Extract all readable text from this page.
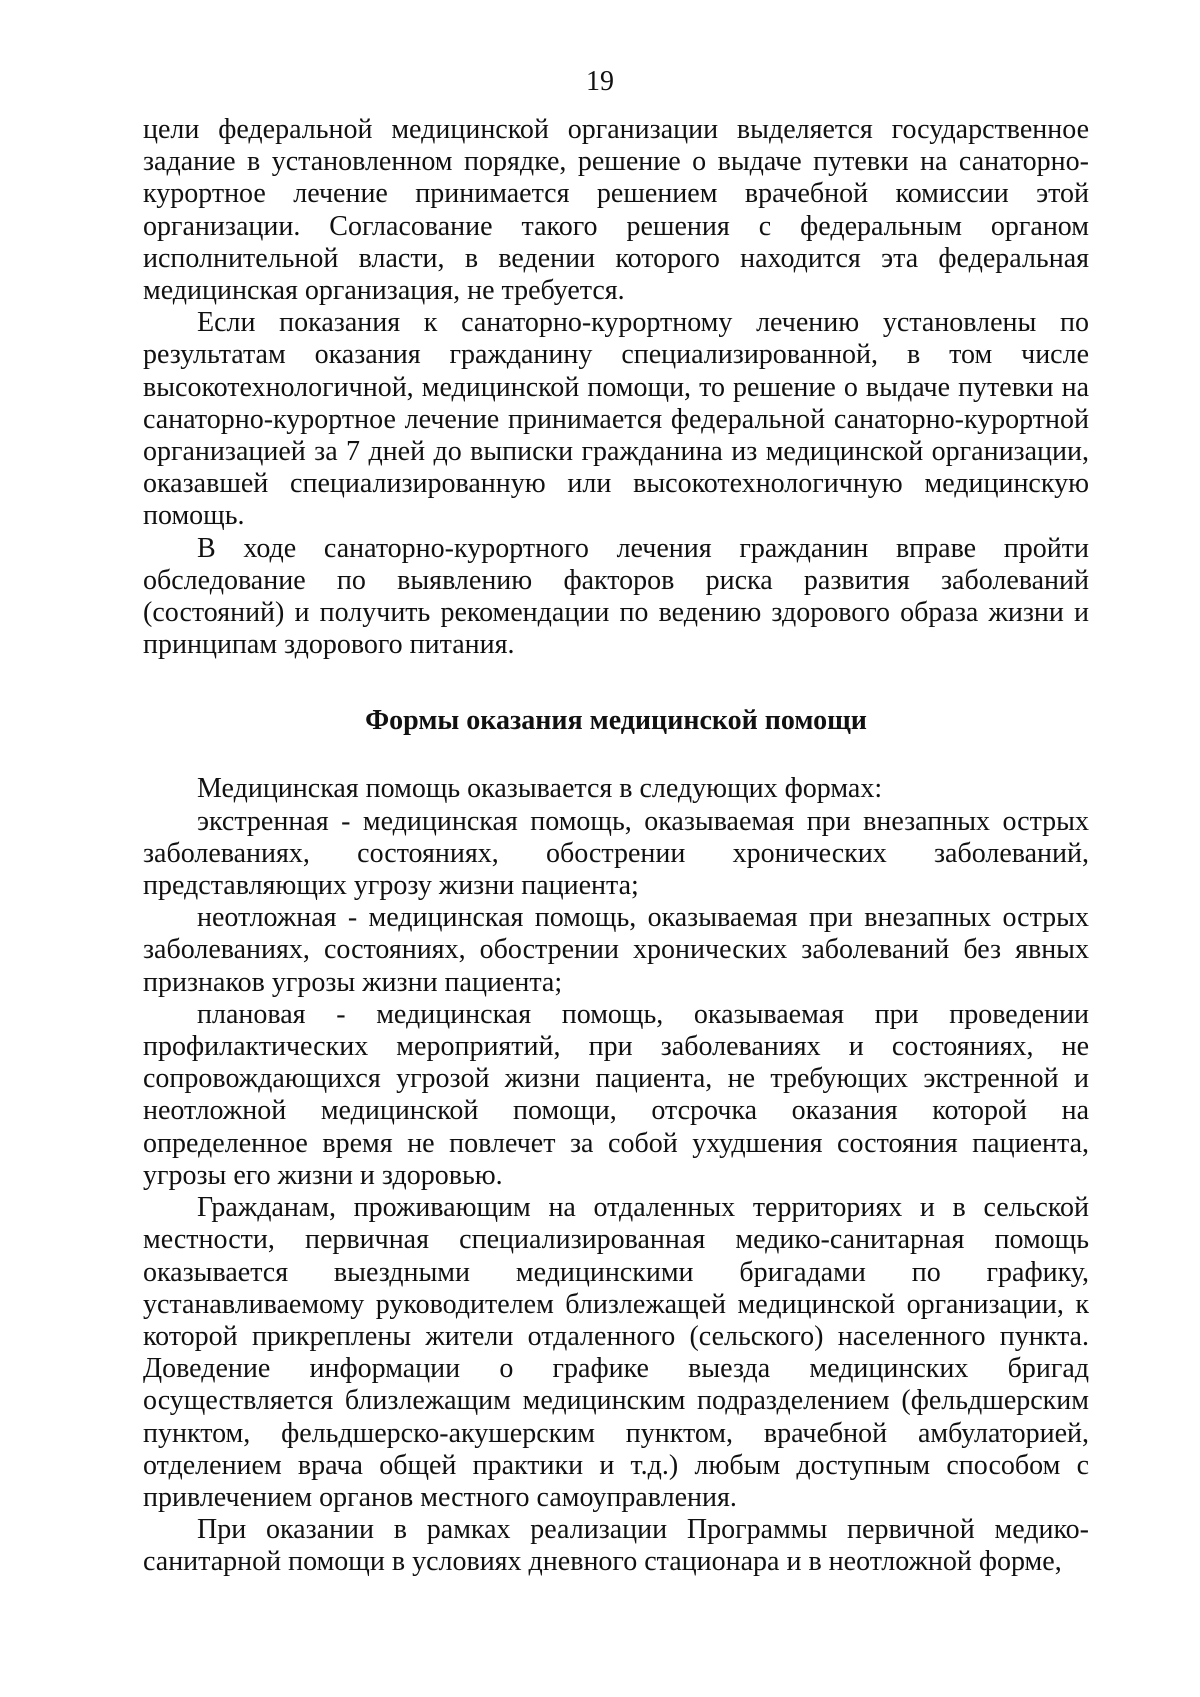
19

цели федеральной медицинской организации выделяется государственное задание в установленном порядке, решение о выдаче путевки на санаторно-курортное лечение принимается решением врачебной комиссии этой организации. Согласование такого решения с федеральным органом исполнительной власти, в ведении которого находится эта федеральная медицинская организация, не требуется.

Если показания к санаторно-курортному лечению установлены по результатам оказания гражданину специализированной, в том числе высокотехнологичной, медицинской помощи, то решение о выдаче путевки на санаторно-курортное лечение принимается федеральной санаторно-курортной организацией за 7 дней до выписки гражданина из медицинской организации, оказавшей специализированную или высокотехнологичную медицинскую помощь.

В ходе санаторно-курортного лечения гражданин вправе пройти обследование по выявлению факторов риска развития заболеваний (состояний) и получить рекомендации по ведению здорового образа жизни и принципам здорового питания.

Формы оказания медицинской помощи

Медицинская помощь оказывается в следующих формах:

экстренная - медицинская помощь, оказываемая при внезапных острых заболеваниях, состояниях, обострении хронических заболеваний, представляющих угрозу жизни пациента;

неотложная - медицинская помощь, оказываемая при внезапных острых заболеваниях, состояниях, обострении хронических заболеваний без явных признаков угрозы жизни пациента;

плановая - медицинская помощь, оказываемая при проведении профилактических мероприятий, при заболеваниях и состояниях, не сопровождающихся угрозой жизни пациента, не требующих экстренной и неотложной медицинской помощи, отсрочка оказания которой на определенное время не повлечет за собой ухудшения состояния пациента, угрозы его жизни и здоровью.

Гражданам, проживающим на отдаленных территориях и в сельской местности, первичная специализированная медико-санитарная помощь оказывается выездными медицинскими бригадами по графику, устанавливаемому руководителем близлежащей медицинской организации, к которой прикреплены жители отдаленного (сельского) населенного пункта. Доведение информации о графике выезда медицинских бригад осуществляется близлежащим медицинским подразделением (фельдшерским пунктом, фельдшерско-акушерским пунктом, врачебной амбулаторией, отделением врача общей практики и т.д.) любым доступным способом с привлечением органов местного самоуправления.

При оказании в рамках реализации Программы первичной медико-санитарной помощи в условиях дневного стационара и в неотложной форме,
